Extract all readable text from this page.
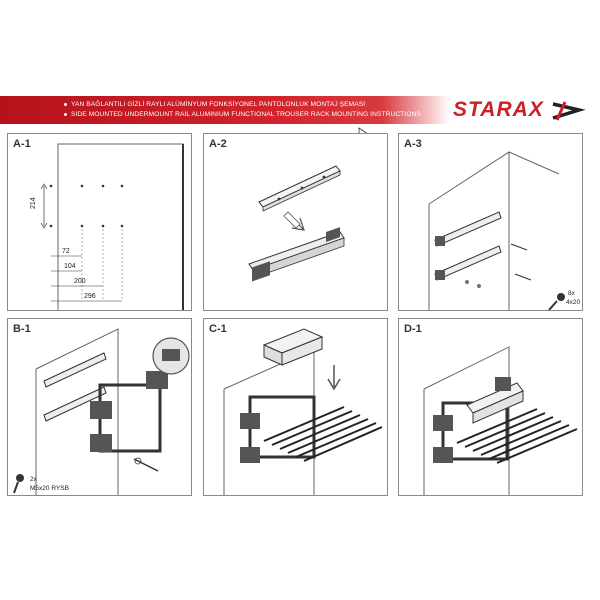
YAN BAĞLANTILI GİZLİ RAYLI ALÜMİNYUM FONKSİYONEL PANTOLONLUK MONTAJ ŞEMASI
SIDE MOUNTED UNDERMOUNT RAIL ALUMINIUM FUNCTIONAL TROUSER RACK MOUNTING INSTRUCTIONS STARAX
A-1
214
72
104
200
296
A-2	A-3
8x
4x20
B-1
2x
M5x20 RYSB
C-1	D-1
